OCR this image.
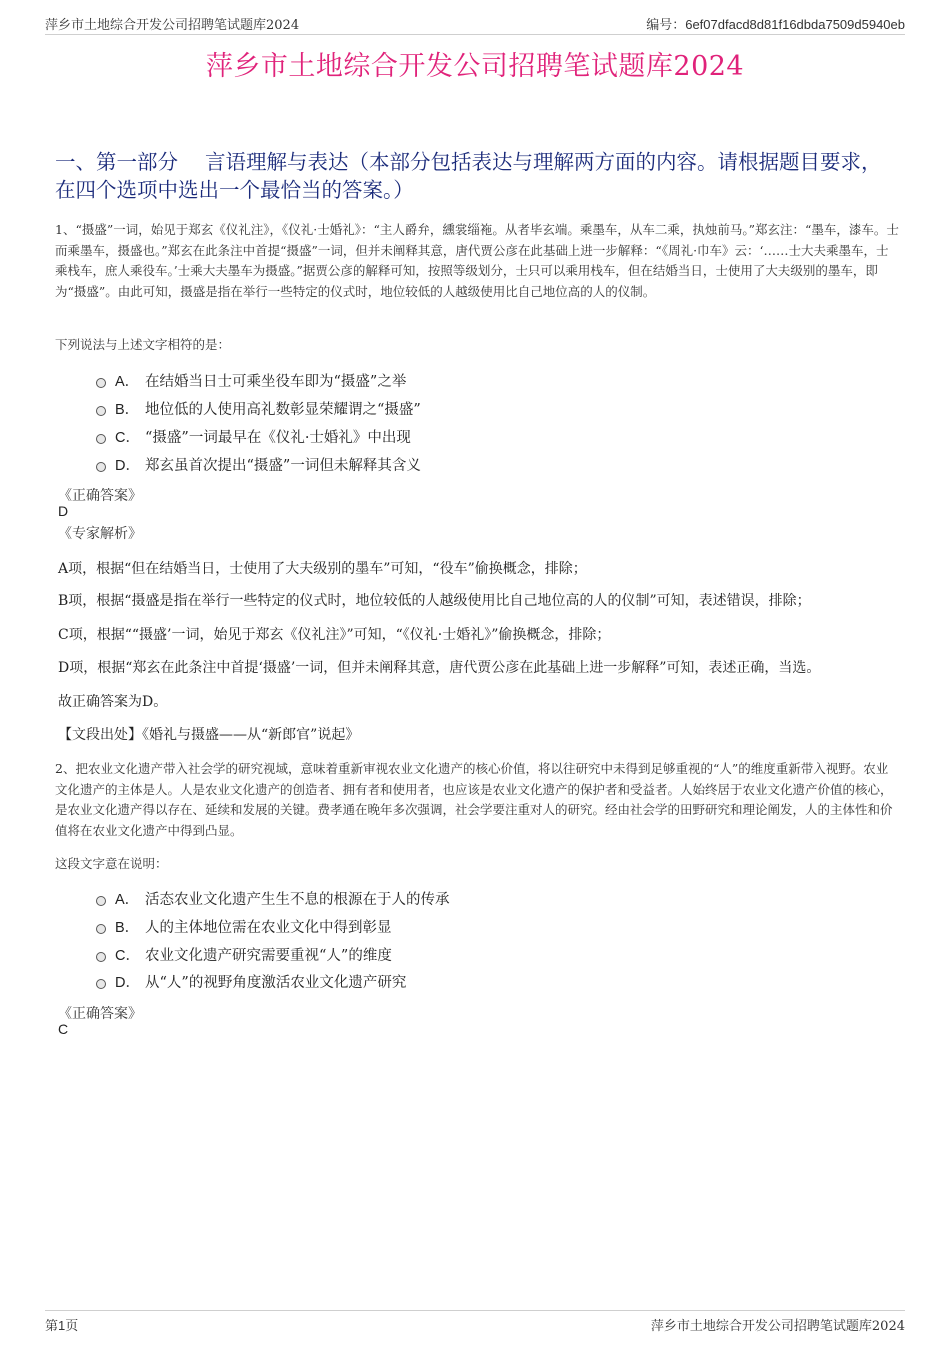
萍乡市土地综合开发公司招聘笔试题库2024	编号：6ef07dfacd8d81f16dbda7509d5940eb
萍乡市土地综合开发公司招聘笔试题库2024
一、第一部分　 言语理解与表达（本部分包括表达与理解两方面的内容。请根据题目要求，在四个选项中选出一个最恰当的答案。）
1、“摄盛”一词，始见于郑玄《仪礼注》，《仪礼·士婚礼》：“主人爵弁，纁裳缁袘。从者毕玄端。乘墨车，从车二乘，执烛前马。”郑玄注：“墨车，漆车。士而乘墨车，摄盛也。”郑玄在此条注中首提“摄盛”一词，但并未阐释其意，唐代贾公彦在此基础上进一步解释：“《周礼·巾车》云：‘……士大夫乘墨车，士乘栈车，庶人乘役车。’士乘大夫墨车为摄盛。”据贾公彦的解释可知，按照等级划分，士只可以乘用栈车，但在结婚当日，士使用了大夫级别的墨车，即为“摄盛”。由此可知，摄盛是指在举行一些特定的仪式时，地位较低的人越级使用比自己地位高的人的仪制。
下列说法与上述文字相符的是：
A． 在结婚当日士可乘坐役车即为“摄盛”之举
B． 地位低的人使用高礼数彰显荣耀谓之“摄盛”
C． “摄盛”一词最早在《仪礼·士婚礼》中出现
D． 郑玄虽首次提出“摄盛”一词但未解释其含义
《正确答案》
D
《专家解析》
A项，根据“但在结婚当日，士使用了大夫级别的墨车”可知，“役车”偷换概念，排除；
B项，根据“摄盛是指在举行一些特定的仪式时，地位较低的人越级使用比自己地位高的人的仪制”可知，表述错误，排除；
C项，根据““摄盛’一词，始见于郑玄《仪礼注》”可知，“《仪礼·士婚礼》”偷换概念，排除；
D项，根据“郑玄在此条注中首提‘摄盛’一词，但并未阐释其意，唐代贾公彦在此基础上进一步解释”可知，表述正确，当选。
故正确答案为D。
【文段出处】《婚礼与摄盛——从“新郎官”说起》
2、把农业文化遗产带入社会学的研究视域，意味着重新审视农业文化遗产的核心价值，将以往研究中未得到足够重视的“人”的维度重新带入视野。农业文化遗产的主体是人。人是农业文化遗产的创造者、拥有者和使用者，也应该是农业文化遗产的保护者和受益者。人始终居于农业文化遗产价值的核心，是农业文化遗产得以存在、延续和发展的关键。费孝通在晚年多次强调，社会学要注重对人的研究。经由社会学的田野研究和理论阐发，人的主体性和价值将在农业文化遗产中得到凸显。
这段文字意在说明：
A． 活态农业文化遗产生生不息的根源在于人的传承
B． 人的主体地位需在农业文化中得到彰显
C． 农业文化遗产研究需要重视“人”的维度
D． 从“人”的视野角度激活农业文化遗产研究
《正确答案》
C
第1页	萍乡市土地综合开发公司招聘笔试题库2024
